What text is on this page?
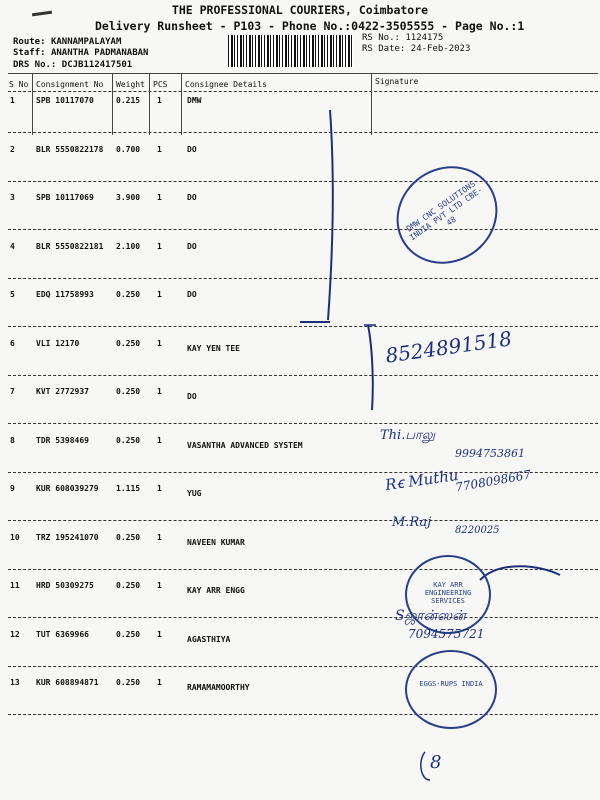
THE PROFESSIONAL COURIERS, Coimbatore
Delivery Runsheet - P103 - Phone No.:0422-3505555 - Page No.:1
Route: KANNAMPALAYAM
Staff: ANANTHA PADMANABAN
DRS No.: DCJB112417501
RS No.: 1124175
RS Date: 24-Feb-2023
S No Consignment No Weight PCS Consignee Details	Signature
1	SPB 10117070	0.215 1	DMW
2	BLR 5550822178 0.700 1	DO
3	SPB 10117069	3.900 1	DO
4	BLR 5550822181 2.100 1	DO
5	EDQ 11758993	0.250 1	DO
6	VLI 12170	0.250 1
KAY YEN TEE
7	KVT 2772937	0.250 1
DO
8	TDR 5398469	0.250 1
VASANTHA ADVANCED SYSTEM
9	KUR 608039279 1.115 1
YUG
10 TRZ 195241070 0.250 1
NAVEEN KUMAR
11 HRD 50309275	0.250 1
KAY ARR ENGG
12 TUT 6369966	0.250 1
AGASTHIYA
13 KUR 608894871 0.250 1
RAMAMAMOORTHY
DMW CNC SOLUTIONS INDIA PVT LTD CBE-48
KAY ARR ENGINEERING SERVICES
EGGS-RUPS INDIA
8524891518
Thi.பாலு
9994753861
Rꞓ Muthu
7708098667
M.Raj
8220025
Sஜான்ஸன்
7094575721
8
